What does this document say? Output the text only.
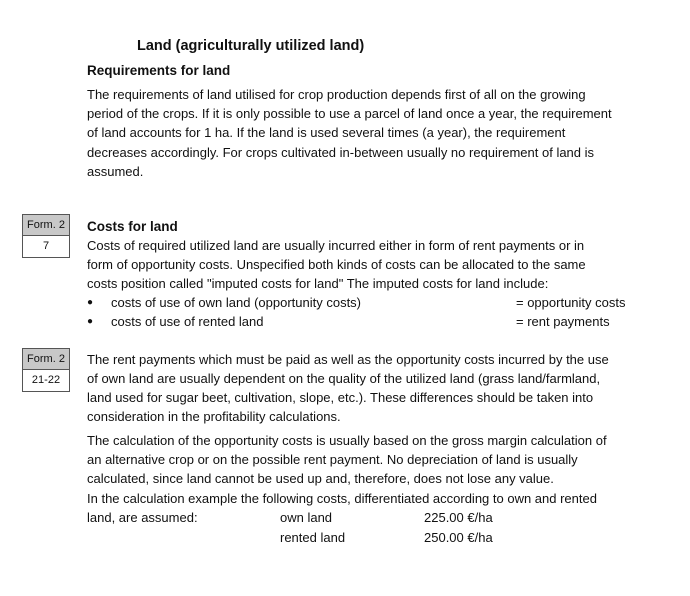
Land (agriculturally utilized land)
Requirements for land
The requirements of land utilised for crop production depends first of all on the growing
period of the crops. If it is only possible to use a parcel of land once a year, the requirement
of land accounts for 1 ha. If the land is used several times (a year), the requirement
decreases accordingly. For crops cultivated in-between usually no requirement of land is
assumed.
Form. 2
7
Costs for land
Costs of required utilized land are usually incurred either in form of rent payments or in
form of opportunity costs. Unspecified both kinds of costs can be allocated to the same
costs position called "imputed costs for land" The imputed costs for land include:
● costs of use of own land (opportunity costs)	= opportunity costs
● costs of use of rented land	= rent payments
Form. 2
21-22
The rent payments which must be paid as well as the opportunity costs incurred by the use
of own land are usually dependent on the quality of the utilized land (grass land/farmland,
land used for sugar beet, cultivation, slope, etc.). These differences should be taken into
consideration in the profitability calculations.
The calculation of the opportunity costs is usually based on the gross margin calculation of
an alternative crop or on the possible rent payment. No depreciation of land is usually
calculated, since land cannot be used up and, therefore, does not lose any value.
In the calculation example the following costs, differentiated according to own and rented
land, are assumed:	own land	225.00 €/ha
rented land	250.00 €/ha
